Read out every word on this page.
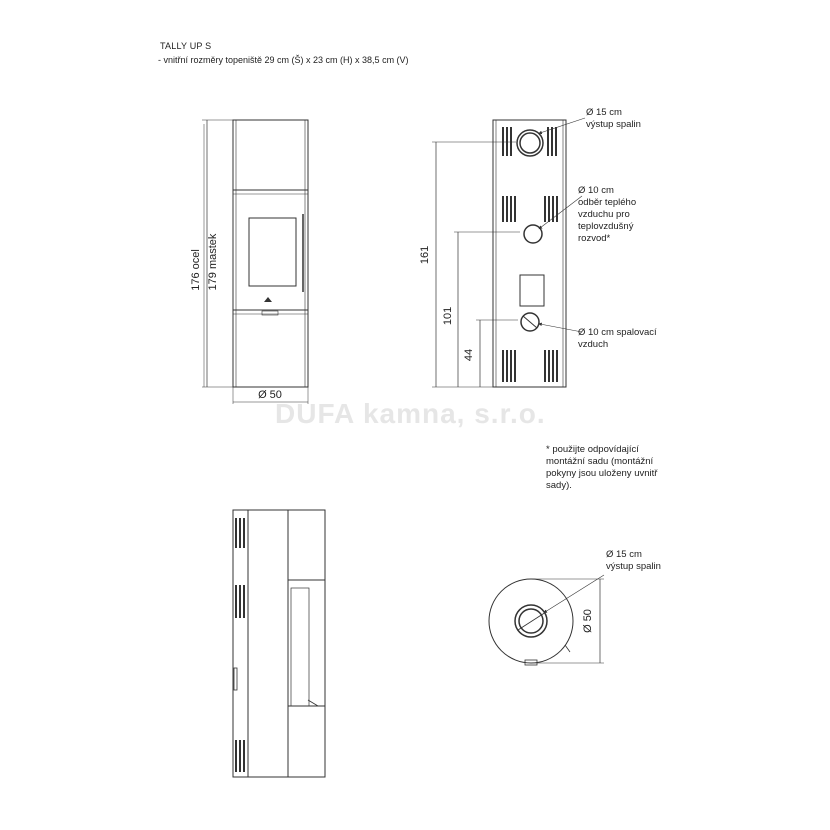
TALLY UP S
- vnitřní rozměry topeniště 29 cm (Š) x 23 cm (H) x 38,5 cm (V)
DUFA kamna, s.r.o.
176 ocel 179 mastek
Ø 50
161
101
44
Ø 15 cm
výstup spalin
Ø 10 cm
odběr teplého
vzduchu pro
teplovzdušný
rozvod*
Ø 10 cm spalovací
vzduch
Ø 15 cm
výstup spalin
Ø 50
* použijte odpovídající
montážní sadu (montážní
pokyny jsou uloženy uvnitř
sady).
